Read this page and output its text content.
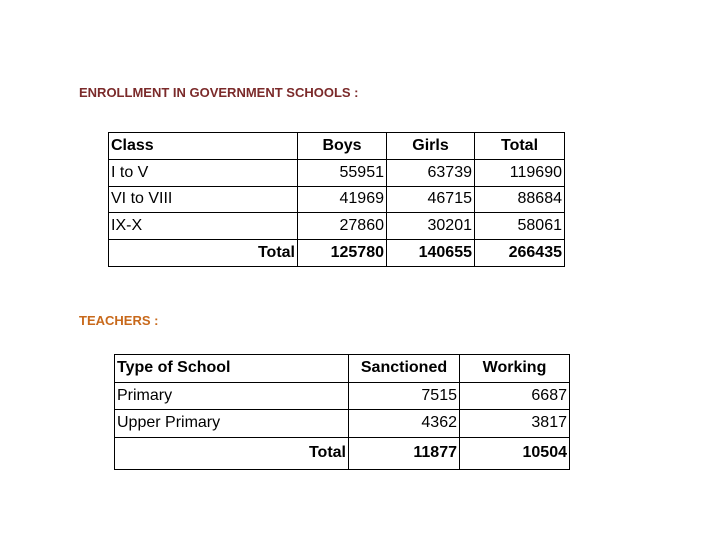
ENROLLMENT IN GOVERNMENT SCHOOLS :
Class	Boys	Girls	Total
I to V	55951	63739	119690
VI to VIII	41969	46715	88684
IX-X	27860	30201	58061
Total	125780	140655	266435
TEACHERS :
Type of School	Sanctioned	Working
Primary	7515	6687
Upper Primary	4362	3817
Total	11877	10504
